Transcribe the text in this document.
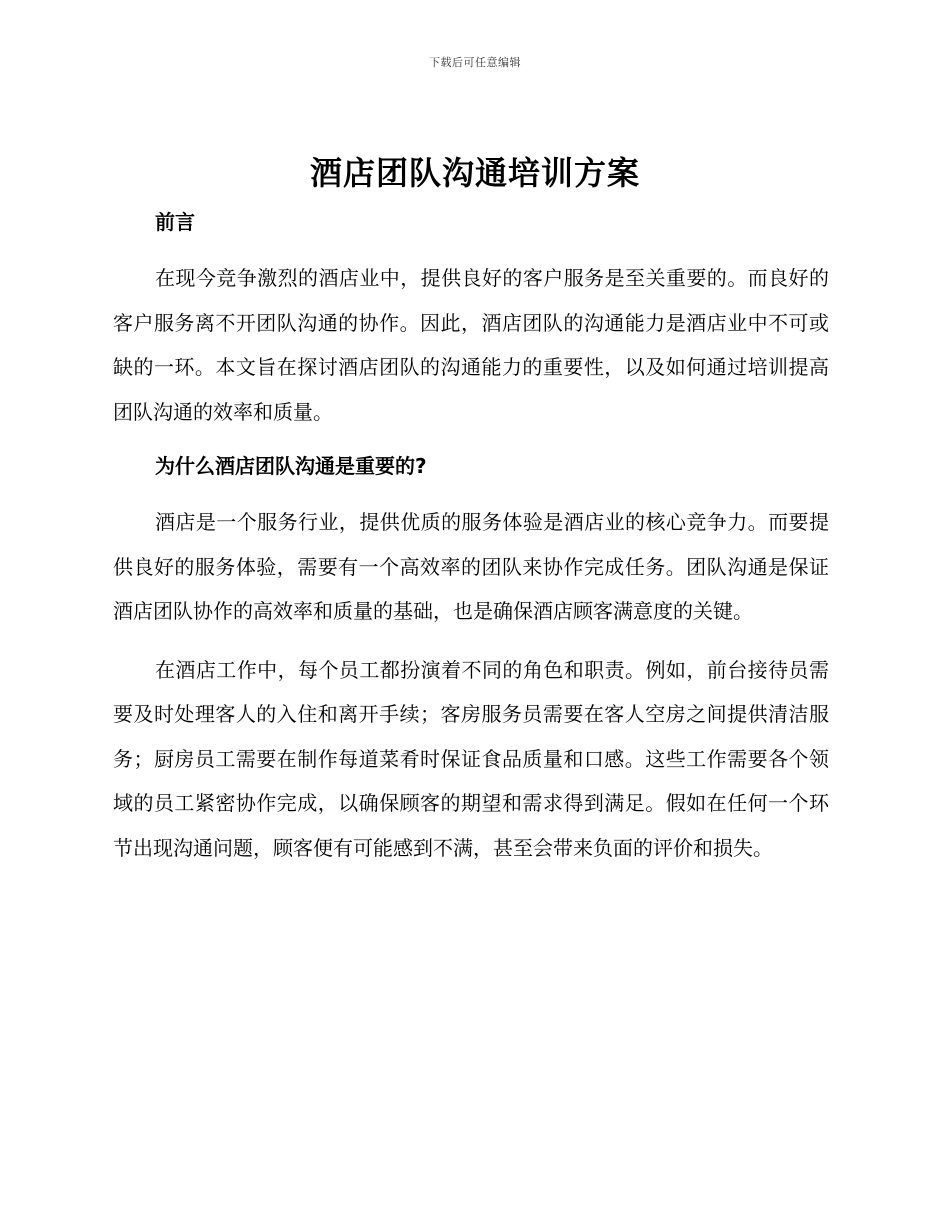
下载后可任意编辑
酒店团队沟通培训方案
前言

在现今竞争激烈的酒店业中，提供良好的客户服务是至关重要的。而良好的客户服务离不开团队沟通的协作。因此，酒店团队的沟通能力是酒店业中不可或缺的一环。本文旨在探讨酒店团队的沟通能力的重要性，以及如何通过培训提高团队沟通的效率和质量。

为什么酒店团队沟通是重要的?

酒店是一个服务行业，提供优质的服务体验是酒店业的核心竞争力。而要提供良好的服务体验，需要有一个高效率的团队来协作完成任务。团队沟通是保证酒店团队协作的高效率和质量的基础，也是确保酒店顾客满意度的关键。

在酒店工作中，每个员工都扮演着不同的角色和职责。例如，前台接待员需要及时处理客人的入住和离开手续；客房服务员需要在客人空房之间提供清洁服务；厨房员工需要在制作每道菜肴时保证食品质量和口感。这些工作需要各个领域的员工紧密协作完成，以确保顾客的期望和需求得到满足。假如在任何一个环节出现沟通问题，顾客便有可能感到不满，甚至会带来负面的评价和损失。
